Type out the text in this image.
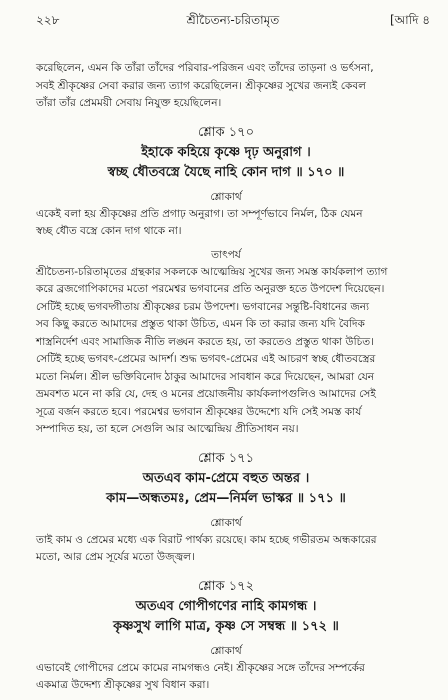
২২৮	শ্রীচৈতন্য-চরিতামৃত	[আদি ৪

করেছিলেন, এমন কি তাঁরা তাঁদের পরিবার-পরিজন এবং তাঁদের তাড়না ও ভর্ৎসনা,
সবই শ্রীকৃষ্ণের সেবা করার জন্য ত্যাগ করেছিলেন। শ্রীকৃষ্ণের সুখের জন্যই কেবল
তাঁরা তাঁর প্রেমময়ী সেবায় নিযুক্ত হয়েছিলেন।

শ্লোক ১৭০
ইহাকে কহিয়ে কৃষ্ণে দৃঢ় অনুরাগ ।
স্বচ্ছ ধৌতবস্ত্রে যৈছে নাহি কোন দাগ ॥ ১৭০ ॥
শ্লোকার্থ

একেই বলা হয় শ্রীকৃষ্ণের প্রতি প্রগাঢ় অনুরাগ। তা সম্পূর্ণভাবে নির্মল, ঠিক যেমন
স্বচ্ছ ধৌত বস্ত্রে কোন দাগ থাকে না।

তাৎপর্য

শ্রীচৈতন্য-চরিতামৃতের গ্রন্থকার সকলকে আত্মেন্দ্রিয় সুখের জন্য সমস্ত কার্যকলাপ ত্যাগ
করে ব্রজগোপিকাদের মতো পরমেশ্বর ভগবানের প্রতি অনুরক্ত হতে উপদেশ দিয়েছেন।
সেটিই হচ্ছে ভগবদ্গীতায় শ্রীকৃষ্ণের চরম উপদেশ। ভগবানের সন্তুষ্টি-বিধানের জন্য
সব কিছু করতে আমাদের প্রস্তুত থাকা উচিত, এমন কি তা করার জন্য যদি বৈদিক
শাস্ত্রনির্দেশ এবং সামাজিক নীতি লঙ্ঘন করতে হয়, তা করতেও প্রস্তুত থাকা উচিত।
সেটিই হচ্ছে ভগবৎ-প্রেমের আদর্শ। শুদ্ধ ভগবৎ-প্রেমের এই আচরণ স্বচ্ছ ধৌতবস্ত্রের
মতো নির্মল। শ্রীল ভক্তিবিনোদ ঠাকুর আমাদের সাবধান করে দিয়েছেন, আমরা যেন
ভ্রমবশত মনে না করি যে, দেহ ও মনের প্রয়োজনীয় কার্যকলাপগুলিও আমাদের সেই
সূত্রে বর্জন করতে হবে। পরমেশ্বর ভগবান শ্রীকৃষ্ণের উদ্দেশ্যে যদি সেই সমস্ত কার্য
সম্পাদিত হয়, তা হলে সেগুলি আর আত্মেন্দ্রিয় প্রীতিসাধন নয়।

শ্লোক ১৭১
অতএব কাম-প্রেমে বহুত অন্তর ।
কাম—অন্ধতমঃ, প্রেম—নির্মল ভাস্কর ॥ ১৭১ ॥
শ্লোকার্থ

তাই কাম ও প্রেমের মধ্যে এক বিরাট পার্থক্য রয়েছে। কাম হচ্ছে গভীরতম অন্ধকারের
মতো, আর প্রেম সূর্যের মতো উজ্জ্বল।

শ্লোক ১৭২
অতএব গোপীগণের নাহি কামগন্ধ ।
কৃষ্ণসুখ লাগি মাত্র, কৃষ্ণ সে সম্বন্ধ ॥ ১৭২ ॥
শ্লোকার্থ

এভাবেই গোপীদের প্রেমে কামের নামগন্ধও নেই। শ্রীকৃষ্ণের সঙ্গে তাঁদের সম্পর্কের
একমাত্র উদ্দেশ্য শ্রীকৃষ্ণের সুখ বিধান করা।
